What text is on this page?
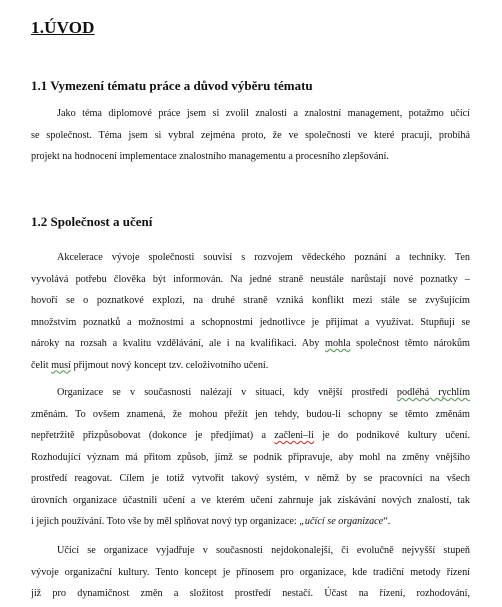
1.ÚVOD
1.1 Vymezení tématu práce a důvod výběru tématu
Jako téma diplomové práce jsem si zvolil znalosti a znalostní management, potažmo učící
se společnost. Téma jsem si vybral zejména proto, že ve společnosti ve které pracuji, probíhá
projekt na hodnocení implementace znalostního managementu a procesního zlepšování.
1.2 Společnost a učení
Akcelerace vývoje společnosti souvisí s rozvojem vědeckého poznání a techniky. Ten
vyvolává potřebu člověka být informován. Na jedné straně neustále narůstají nové poznatky –
hovoří se o poznatkové explozi, na druhé straně vzniká konflikt mezi stále se zvyšujícím
množstvím poznatků a možnostmi a schopnostmi jednotlivce je přijímat a využívat. Stupňují se
nároky na rozsah a kvalitu vzdělávání, ale i na kvalifikaci. Aby mohla společnost těmto nárokům
čelit musí přijmout nový koncept tzv. celoživotního učení.
Organizace se v současnosti nalézají v situaci, kdy vnější prostředí podléhá rychlím
změnám. To ovšem znamená, že mohou přežít jen tehdy, budou-li schopny se těmto změnám
nepřetržitě přizpůsobovat (dokonce je předjímat) a začleni–li je do podnikové kultury učení.
Rozhodující význam má přitom způsob, jímž se podnik připravuje, aby mohl na změny vnějšího
prostředí reagovat. Cílem je totiž vytvořit takový systém, v němž by se pracovníci na všech
úrovních organizace účastnili učení a ve kterém učení zahrnuje jak získávání nových znalostí, tak
i jejich používání. Toto vše by měl splňovat nový typ organizace: „učící se organizace“.
Učící se organizace vyjadřuje v současnosti nejdokonalejší, či evolučně nejvyšší stupeň
vývoje organizační kultury. Tento koncept je přínosem pro organizace, kde tradiční metody řízení
již pro dynamičnost změn a složitost prostředí nestačí. Účast na řízení, rozhodování,
